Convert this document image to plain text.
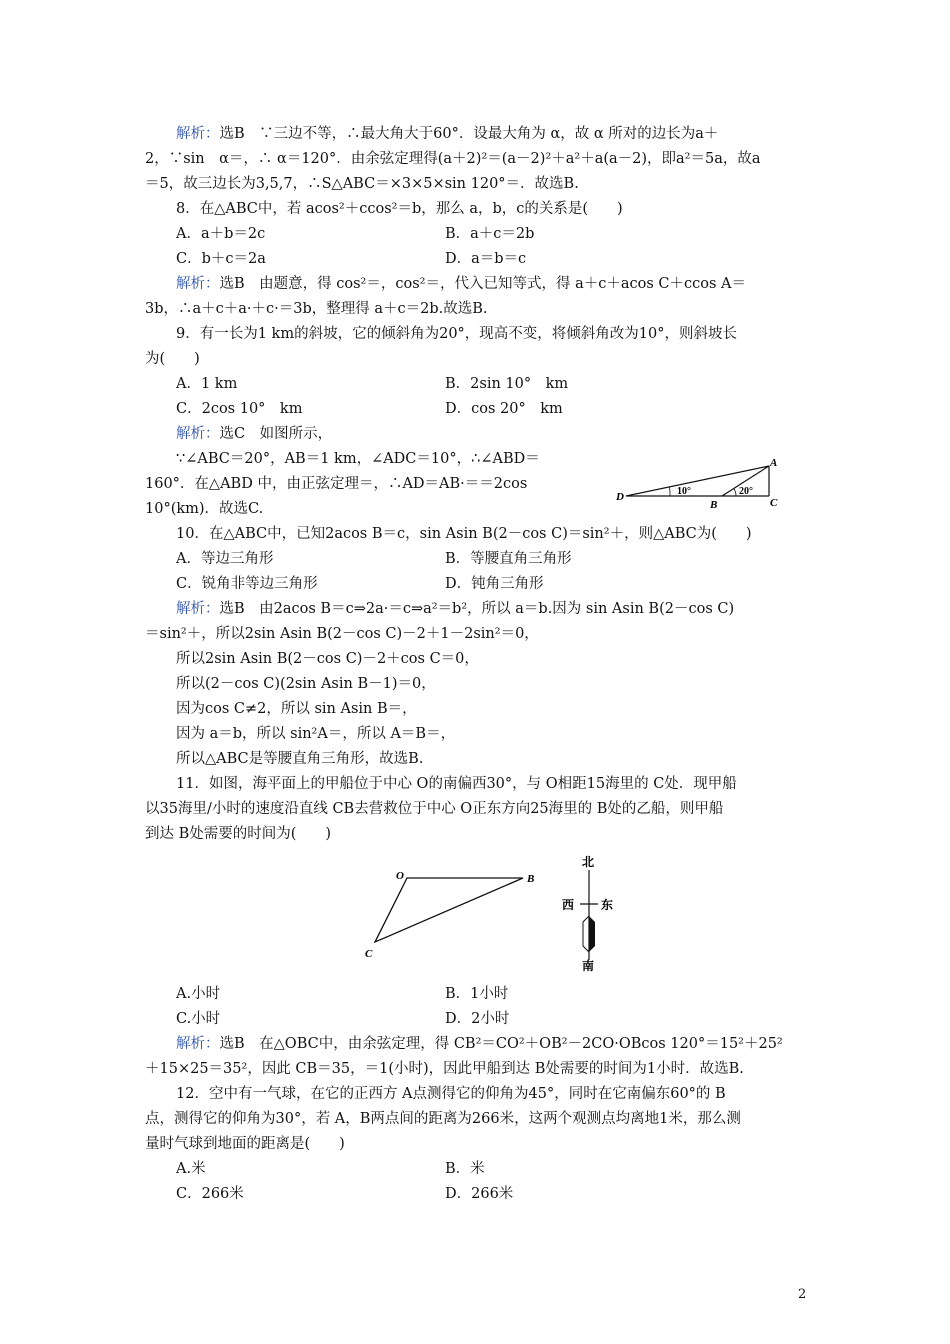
解析：选B　∵三边不等，∴最大角大于60°．设最大角为 α，故 α 所对的边长为a＋
2，∵sin　α＝，∴ α＝120°．由余弦定理得(a＋2)²＝(a－2)²＋a²＋a(a－2)，即a²＝5a，故a
＝5，故三边长为3,5,7，∴S△ABC＝×3×5×sin 120°＝．故选B.
8．在△ABC中，若 acos²＋ccos²＝b，那么 a，b，c的关系是(　　)
A．a＋b＝2c	B．a＋c＝2b
C．b＋c＝2a	D．a＝b＝c
解析：选B　由题意，得 cos²＝，cos²＝，代入已知等式，得 a＋c＋acos C＋ccos A＝
3b，∴a＋c＋a·＋c·＝3b，整理得 a＋c＝2b.故选B.
9．有一长为1 km的斜坡，它的倾斜角为20°，现高不变，将倾斜角改为10°，则斜坡长
为(　　)
A．1 km	B．2sin 10°　km
C．2cos 10°　km	D．cos 20°　km
解析：选C　如图所示，
∵∠ABC＝20°，AB＝1 km，∠ADC＝10°，∴∠ABD＝
160°．在△ABD 中，由正弦定理＝，∴AD＝AB·＝＝2cos
10°(km)．故选C.
A
B	C
D	10°	20°
10．在△ABC中，已知2acos B＝c，sin Asin B(2－cos C)＝sin²＋，则△ABC为(　　)
A．等边三角形	B．等腰直角三角形
C．锐角非等边三角形	D．钝角三角形
解析：选B　由2acos B＝c⇒2a·＝c⇒a²＝b²，所以 a＝b.因为 sin Asin B(2－cos C)
＝sin²＋，所以2sin Asin B(2－cos C)－2＋1－2sin²＝0，
所以2sin Asin B(2－cos C)－2＋cos C＝0，
所以(2－cos C)(2sin Asin B－1)＝0，
因为cos C≠2，所以 sin Asin B＝，
因为 a＝b，所以 sin²A＝，所以 A＝B＝，
所以△ABC是等腰直角三角形，故选B.
11．如图，海平面上的甲船位于中心 O的南偏西30°，与 O相距15海里的 C处．现甲船
以35海里/小时的速度沿直线 CB去营救位于中心 O正东方向25海里的 B处的乙船，则甲船
到达 B处需要的时间为(　　)
O	B
C
北
西 东
南
A.小时	B．1小时
C.小时	D．2小时
解析：选B　在△OBC中，由余弦定理，得 CB²＝CO²＋OB²－2CO·OBcos 120°＝15²＋25²
＋15×25＝35²，因此 CB＝35，＝1(小时)，因此甲船到达 B处需要的时间为1小时．故选B.
12．空中有一气球，在它的正西方 A点测得它的仰角为45°，同时在它南偏东60°的 B
点，测得它的仰角为30°，若 A，B两点间的距离为266米，这两个观测点均离地1米，那么测
量时气球到地面的距离是(　　)
A.米	B．米
C．266米	D．266米
2
